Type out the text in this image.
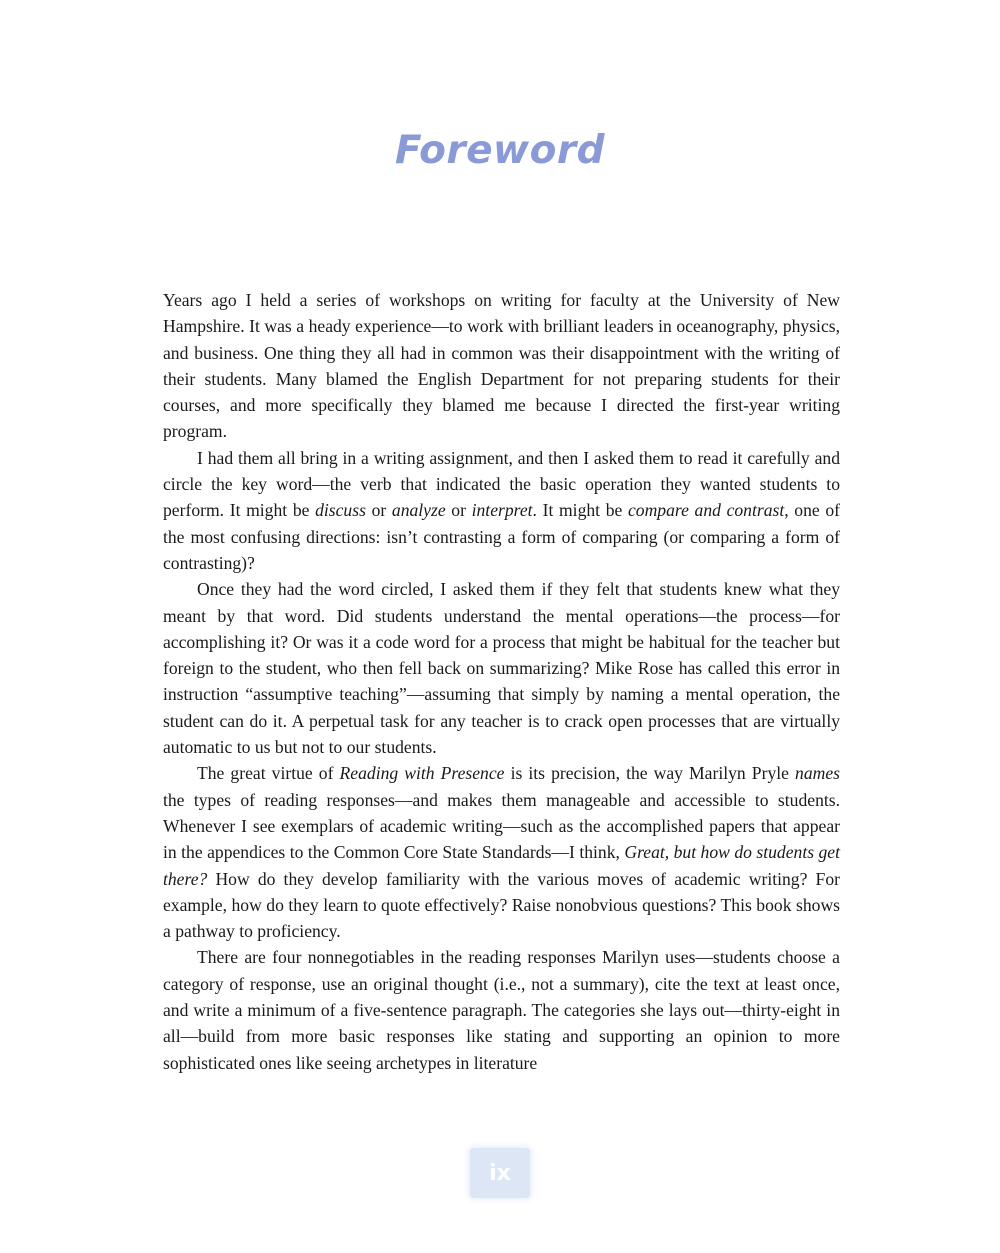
Foreword

Years ago I held a series of workshops on writing for faculty at the University of New Hampshire. It was a heady experience—to work with brilliant leaders in oceanography, physics, and business. One thing they all had in common was their disappointment with the writing of their students. Many blamed the English Department for not preparing students for their courses, and more specifically they blamed me because I directed the first-year writing program.

I had them all bring in a writing assignment, and then I asked them to read it carefully and circle the key word—the verb that indicated the basic operation they wanted students to perform. It might be discuss or analyze or interpret. It might be compare and contrast, one of the most confusing directions: isn’t contrasting a form of comparing (or comparing a form of contrasting)?

Once they had the word circled, I asked them if they felt that students knew what they meant by that word. Did students understand the mental operations—the process—for accomplishing it? Or was it a code word for a process that might be habitual for the teacher but foreign to the student, who then fell back on summarizing? Mike Rose has called this error in instruction “assumptive teaching”—assuming that simply by naming a mental operation, the student can do it. A perpetual task for any teacher is to crack open processes that are virtually automatic to us but not to our students.

The great virtue of Reading with Presence is its precision, the way Marilyn Pryle names the types of reading responses—and makes them manageable and accessible to students. Whenever I see exemplars of academic writing—such as the accomplished papers that appear in the appendices to the Common Core State Standards—I think, Great, but how do students get there? How do they develop familiarity with the various moves of academic writing? For example, how do they learn to quote effectively? Raise nonobvious questions? This book shows a pathway to proficiency.

There are four nonnegotiables in the reading responses Marilyn uses—students choose a category of response, use an original thought (i.e., not a summary), cite the text at least once, and write a minimum of a five-sentence paragraph. The categories she lays out—thirty-eight in all—build from more basic responses like stating and supporting an opinion to more sophisticated ones like seeing archetypes in literature

ix
